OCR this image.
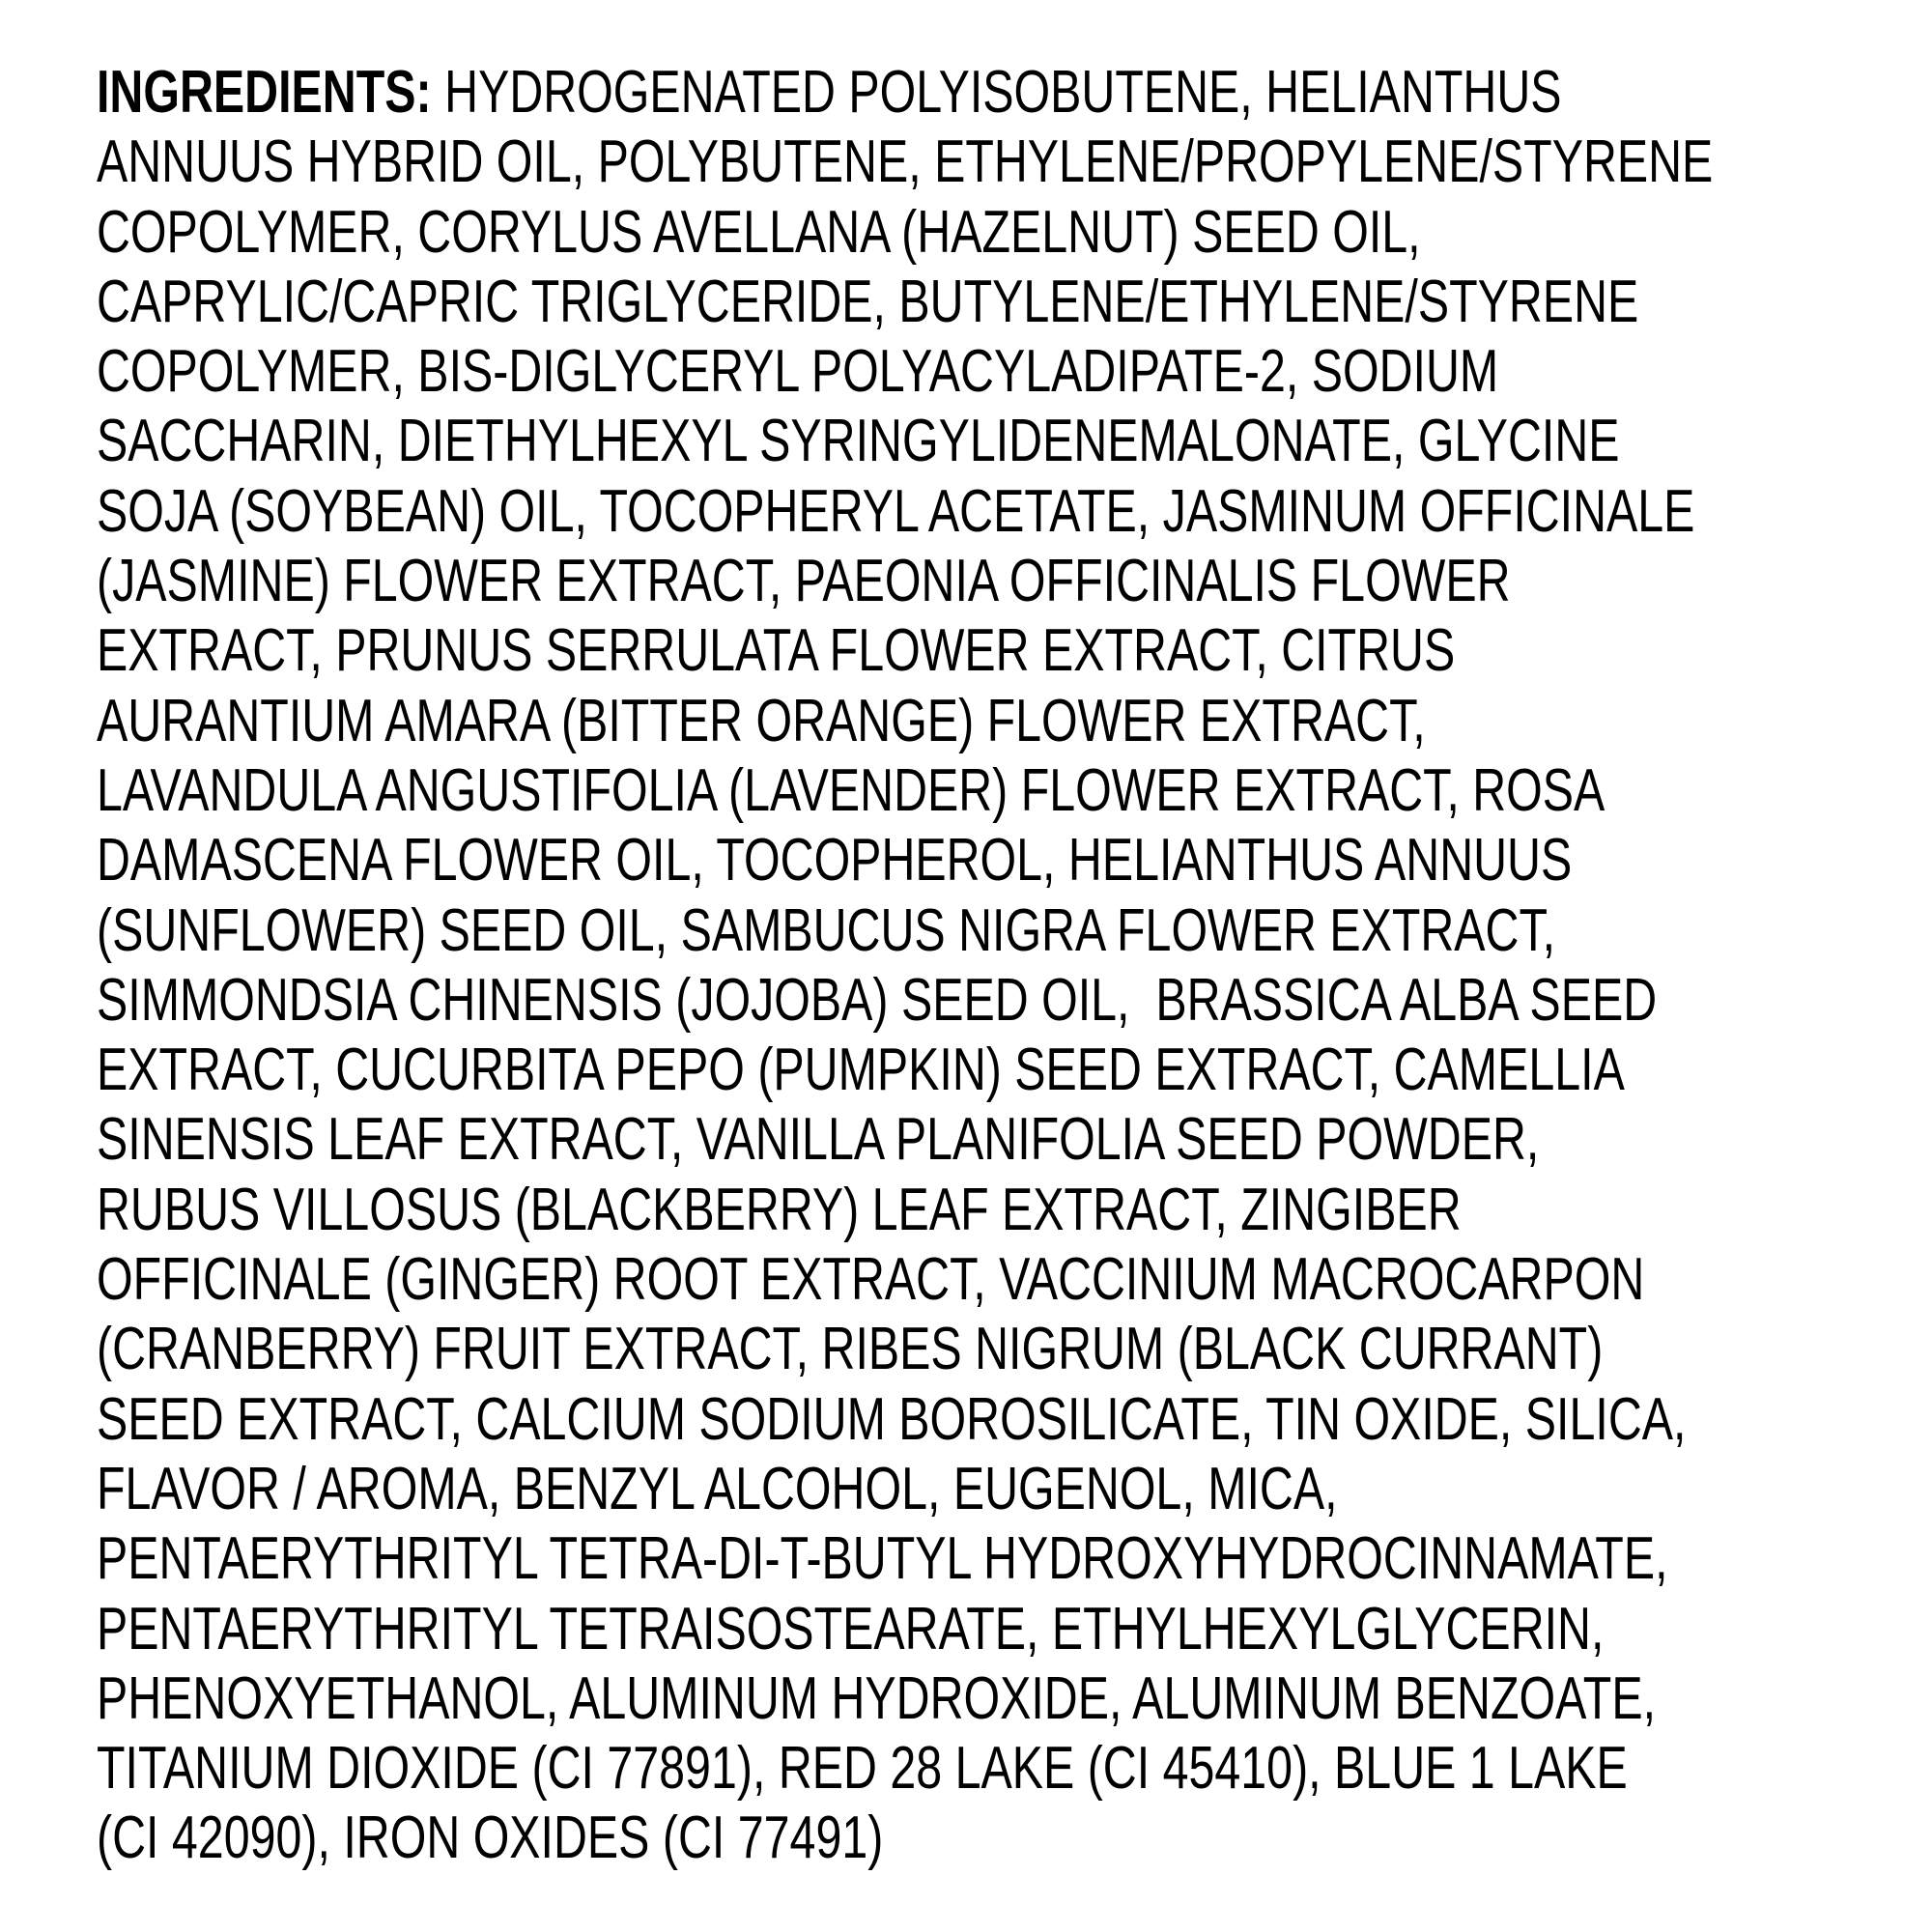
INGREDIENTS: HYDROGENATED POLYISOBUTENE, HELIANTHUS
ANNUUS HYBRID OIL, POLYBUTENE, ETHYLENE/PROPYLENE/STYRENE
COPOLYMER, CORYLUS AVELLANA (HAZELNUT) SEED OIL,
CAPRYLIC/CAPRIC TRIGLYCERIDE, BUTYLENE/ETHYLENE/STYRENE
COPOLYMER, BIS-DIGLYCERYL POLYACYLADIPATE-2, SODIUM
SACCHARIN, DIETHYLHEXYL SYRINGYLIDENEMALONATE, GLYCINE
SOJA (SOYBEAN) OIL, TOCOPHERYL ACETATE, JASMINUM OFFICINALE
(JASMINE) FLOWER EXTRACT, PAEONIA OFFICINALIS FLOWER
EXTRACT, PRUNUS SERRULATA FLOWER EXTRACT, CITRUS
AURANTIUM AMARA (BITTER ORANGE) FLOWER EXTRACT,
LAVANDULA ANGUSTIFOLIA (LAVENDER) FLOWER EXTRACT, ROSA
DAMASCENA FLOWER OIL, TOCOPHEROL, HELIANTHUS ANNUUS
(SUNFLOWER) SEED OIL, SAMBUCUS NIGRA FLOWER EXTRACT,
SIMMONDSIA CHINENSIS (JOJOBA) SEED OIL,  BRASSICA ALBA SEED
EXTRACT, CUCURBITA PEPO (PUMPKIN) SEED EXTRACT, CAMELLIA
SINENSIS LEAF EXTRACT, VANILLA PLANIFOLIA SEED POWDER,
RUBUS VILLOSUS (BLACKBERRY) LEAF EXTRACT, ZINGIBER
OFFICINALE (GINGER) ROOT EXTRACT, VACCINIUM MACROCARPON
(CRANBERRY) FRUIT EXTRACT, RIBES NIGRUM (BLACK CURRANT)
SEED EXTRACT, CALCIUM SODIUM BOROSILICATE, TIN OXIDE, SILICA,
FLAVOR / AROMA, BENZYL ALCOHOL, EUGENOL, MICA,
PENTAERYTHRITYL TETRA-DI-T-BUTYL HYDROXYHYDROCINNAMATE,
PENTAERYTHRITYL TETRAISOSTEARATE, ETHYLHEXYLGLYCERIN,
PHENOXYETHANOL, ALUMINUM HYDROXIDE, ALUMINUM BENZOATE,
TITANIUM DIOXIDE (CI 77891), RED 28 LAKE (CI 45410), BLUE 1 LAKE
(CI 42090), IRON OXIDES (CI 77491)
